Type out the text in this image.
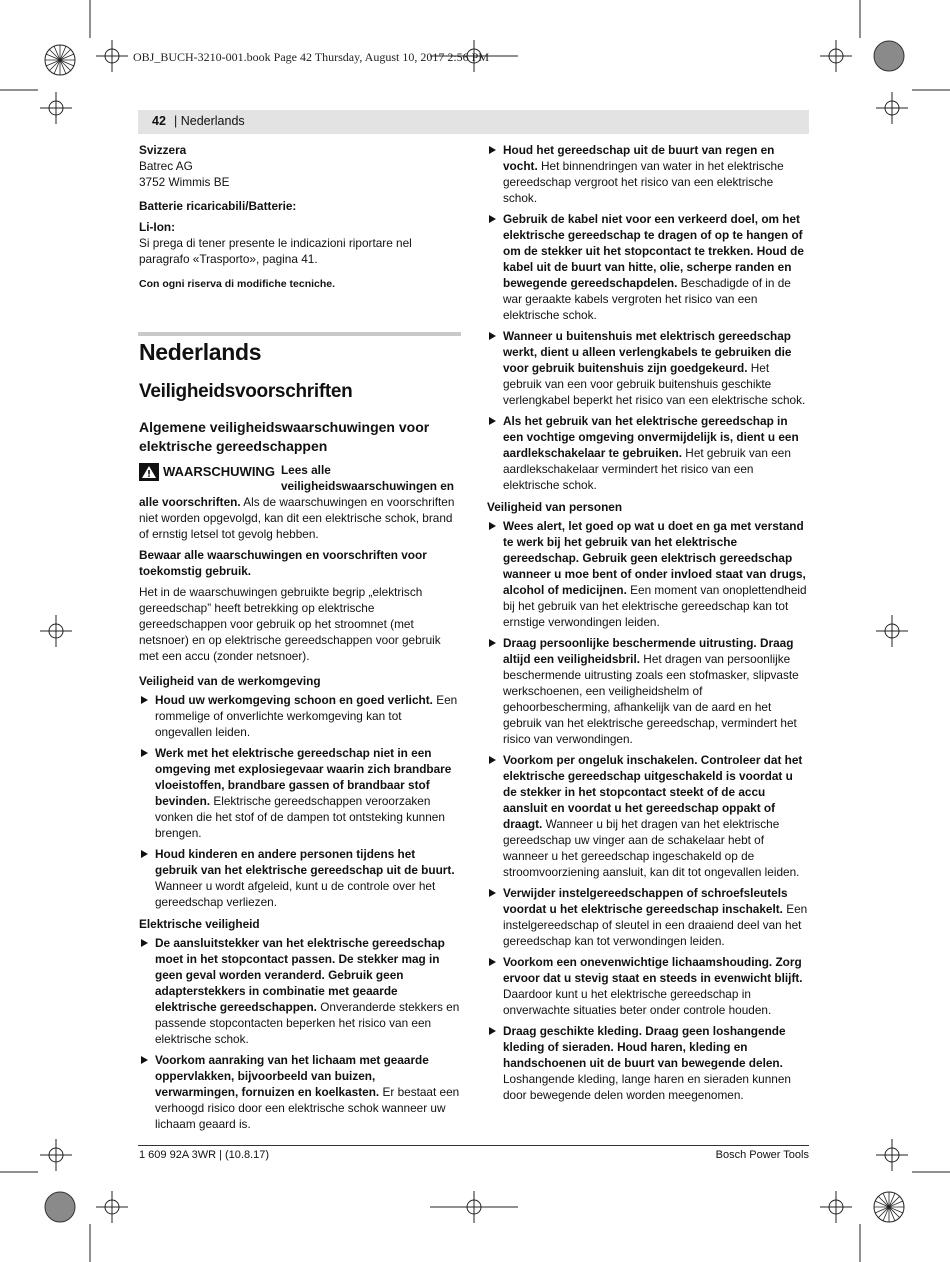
OBJ_BUCH-3210-001.book Page 42 Thursday, August 10, 2017 2:56 PM
42 | Nederlands
Svizzera
Batrec AG
3752 Wimmis BE
Batterie ricaricabili/Batterie:
Li-Ion:

Si prega di tener presente le indicazioni riportare nel paragrafo «Trasporto», pagina 41.

Con ogni riserva di modifiche tecniche.
Nederlands
Veiligheidsvoorschriften
Algemene veiligheidswaarschuwingen voor elektrische gereedschappen

WAARSCHUWING Lees alle veiligheidswaarschuwingen en alle voorschriften. Als de waarschuwingen en voorschriften niet worden opgevolgd, kan dit een elektrische schok, brand of ernstig letsel tot gevolg hebben.

Bewaar alle waarschuwingen en voorschriften voor toekomstig gebruik.

Het in de waarschuwingen gebruikte begrip „elektrisch gereedschap” heeft betrekking op elektrische gereedschappen voor gebruik op het stroomnet (met netsnoer) en op elektrische gereedschappen voor gebruik met een accu (zonder netsnoer).

Veiligheid van de werkomgeving
Houd uw werkomgeving schoon en goed verlicht. Een rommelige of onverlichte werkomgeving kan tot ongevallen leiden.
Werk met het elektrische gereedschap niet in een omgeving met explosiegevaar waarin zich brandbare vloeistoffen, brandbare gassen of brandbaar stof bevinden. Elektrische gereedschappen veroorzaken vonken die het stof of de dampen tot ontsteking kunnen brengen.
Houd kinderen en andere personen tijdens het gebruik van het elektrische gereedschap uit de buurt. Wanneer u wordt afgeleid, kunt u de controle over het gereedschap verliezen.
Elektrische veiligheid
De aansluitstekker van het elektrische gereedschap moet in het stopcontact passen. De stekker mag in geen geval worden veranderd. Gebruik geen adapterstekkers in combinatie met geaarde elektrische gereedschappen. Onveranderde stekkers en passende stopcontacten beperken het risico van een elektrische schok.
Voorkom aanraking van het lichaam met geaarde oppervlakken, bijvoorbeeld van buizen, verwarmingen, fornuizen en koelkasten. Er bestaat een verhoogd risico door een elektrische schok wanneer uw lichaam geaard is.
Houd het gereedschap uit de buurt van regen en vocht. Het binnendringen van water in het elektrische gereedschap vergroot het risico van een elektrische schok.
Gebruik de kabel niet voor een verkeerd doel, om het elektrische gereedschap te dragen of op te hangen of om de stekker uit het stopcontact te trekken. Houd de kabel uit de buurt van hitte, olie, scherpe randen en bewegende gereedschapdelen. Beschadigde of in de war geraakte kabels vergroten het risico van een elektrische schok.
Wanneer u buitenshuis met elektrisch gereedschap werkt, dient u alleen verlengkabels te gebruiken die voor gebruik buitenshuis zijn goedgekeurd. Het gebruik van een voor gebruik buitenshuis geschikte verlengkabel beperkt het risico van een elektrische schok.
Als het gebruik van het elektrische gereedschap in een vochtige omgeving onvermijdelijk is, dient u een aardlekschakelaar te gebruiken. Het gebruik van een aardlekschakelaar vermindert het risico van een elektrische schok.
Veiligheid van personen
Wees alert, let goed op wat u doet en ga met verstand te werk bij het gebruik van het elektrische gereedschap. Gebruik geen elektrisch gereedschap wanneer u moe bent of onder invloed staat van drugs, alcohol of medicijnen. Een moment van onoplettendheid bij het gebruik van het elektrische gereedschap kan tot ernstige verwondingen leiden.
Draag persoonlijke beschermende uitrusting. Draag altijd een veiligheidsbril. Het dragen van persoonlijke beschermende uitrusting zoals een stofmasker, slipvaste werkschoenen, een veiligheidshelm of gehoorbescherming, afhankelijk van de aard en het gebruik van het elektrische gereedschap, vermindert het risico van verwondingen.
Voorkom per ongeluk inschakelen. Controleer dat het elektrische gereedschap uitgeschakeld is voordat u de stekker in het stopcontact steekt of de accu aansluit en voordat u het gereedschap oppakt of draagt. Wanneer u bij het dragen van het elektrische gereedschap uw vinger aan de schakelaar hebt of wanneer u het gereedschap ingeschakeld op de stroomvoorziening aansluit, kan dit tot ongevallen leiden.
Verwijder instelgereedschappen of schroefsleutels voordat u het elektrische gereedschap inschakelt. Een instelgereedschap of sleutel in een draaiend deel van het gereedschap kan tot verwondingen leiden.
Voorkom een onevenwichtige lichaamshouding. Zorg ervoor dat u stevig staat en steeds in evenwicht blijft. Daardoor kunt u het elektrische gereedschap in onverwachte situaties beter onder controle houden.
Draag geschikte kleding. Draag geen loshangende kleding of sieraden. Houd haren, kleding en handschoenen uit de buurt van bewegende delen. Loshangende kleding, lange haren en sieraden kunnen door bewegende delen worden meegenomen.
1 609 92A 3WR | (10.8.17)	Bosch Power Tools
